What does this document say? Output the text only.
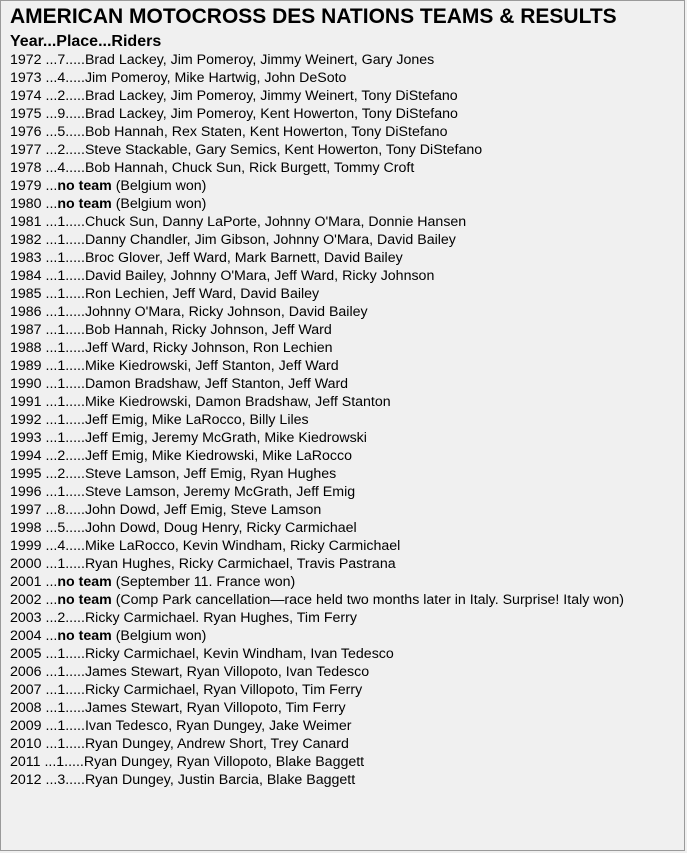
AMERICAN MOTOCROSS DES NATIONS TEAMS & RESULTS
Year...Place...Riders
1972 ...7.....Brad Lackey, Jim Pomeroy, Jimmy Weinert, Gary Jones
1973 ...4.....Jim Pomeroy, Mike Hartwig, John DeSoto
1974 ...2.....Brad Lackey, Jim Pomeroy, Jimmy Weinert, Tony DiStefano
1975 ...9.....Brad Lackey, Jim Pomeroy, Kent Howerton, Tony DiStefano
1976 ...5.....Bob Hannah, Rex Staten, Kent Howerton, Tony DiStefano
1977 ...2.....Steve Stackable, Gary Semics, Kent Howerton, Tony DiStefano
1978 ...4.....Bob Hannah, Chuck Sun, Rick Burgett, Tommy Croft
1979 ...no team (Belgium won)
1980 ...no team (Belgium won)
1981 ...1.....Chuck Sun, Danny LaPorte, Johnny O'Mara, Donnie Hansen
1982 ...1.....Danny Chandler, Jim Gibson, Johnny O'Mara, David Bailey
1983 ...1.....Broc Glover, Jeff Ward, Mark Barnett, David Bailey
1984 ...1.....David Bailey, Johnny O'Mara, Jeff Ward, Ricky Johnson
1985 ...1.....Ron Lechien, Jeff Ward, David Bailey
1986 ...1.....Johnny O'Mara, Ricky Johnson, David Bailey
1987 ...1.....Bob Hannah, Ricky Johnson, Jeff Ward
1988 ...1.....Jeff Ward, Ricky Johnson, Ron Lechien
1989 ...1.....Mike Kiedrowski, Jeff Stanton, Jeff Ward
1990 ...1.....Damon Bradshaw, Jeff Stanton, Jeff Ward
1991 ...1.....Mike Kiedrowski, Damon Bradshaw, Jeff Stanton
1992 ...1.....Jeff Emig, Mike LaRocco, Billy Liles
1993 ...1.....Jeff Emig, Jeremy McGrath, Mike Kiedrowski
1994 ...2.....Jeff Emig, Mike Kiedrowski, Mike LaRocco
1995 ...2.....Steve Lamson, Jeff Emig, Ryan Hughes
1996 ...1.....Steve Lamson, Jeremy McGrath, Jeff Emig
1997 ...8.....John Dowd, Jeff Emig, Steve Lamson
1998 ...5.....John Dowd, Doug Henry, Ricky Carmichael
1999 ...4.....Mike LaRocco, Kevin Windham, Ricky Carmichael
2000 ...1.....Ryan Hughes, Ricky Carmichael, Travis Pastrana
2001 ...no team (September 11. France won)
2002 ...no team (Comp Park cancellation—race held two months later in Italy. Surprise! Italy won)
2003 ...2.....Ricky Carmichael. Ryan Hughes, Tim Ferry
2004 ...no team (Belgium won)
2005 ...1.....Ricky Carmichael, Kevin Windham, Ivan Tedesco
2006 ...1.....James Stewart, Ryan Villopoto, Ivan Tedesco
2007 ...1.....Ricky Carmichael, Ryan Villopoto, Tim Ferry
2008 ...1.....James Stewart, Ryan Villopoto, Tim Ferry
2009 ...1.....Ivan Tedesco, Ryan Dungey, Jake Weimer
2010 ...1.....Ryan Dungey, Andrew Short, Trey Canard
2011 ...1.....Ryan Dungey, Ryan Villopoto, Blake Baggett
2012 ...3.....Ryan Dungey, Justin Barcia, Blake Baggett
